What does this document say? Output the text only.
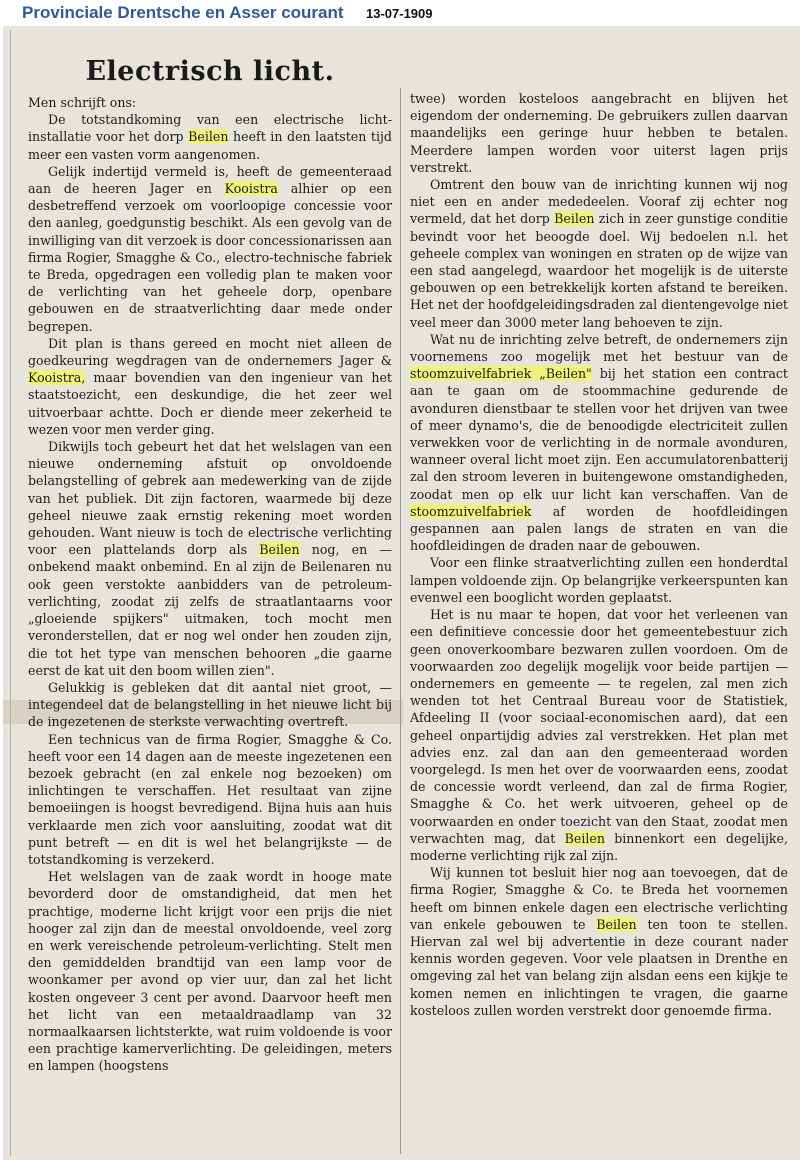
Provinciale Drentsche en Asser courant 13-07-1909
Electrisch licht.

Men schrijft ons:

De totstandkoming van een electrische licht-installatie voor het dorp Beilen heeft in den laatsten tijd meer een vasten vorm aangenomen.

Gelijk indertijd vermeld is, heeft de gemeenteraad aan de heeren Jager en Kooistra alhier op een desbetreffend verzoek om voorloopige concessie voor den aanleg, goedgunstig beschikt. Als een gevolg van de inwilliging van dit verzoek is door concessionarissen aan firma Rogier, Smagghe & Co., electro-technische fabriek te Breda, opgedragen een volledig plan te maken voor de verlichting van het geheele dorp, openbare gebouwen en de straatverlichting daar mede onder begrepen.

Dit plan is thans gereed en mocht niet alleen de goedkeuring wegdragen van de ondernemers Jager & Kooistra, maar bovendien van den ingenieur van het staatstoezicht, een deskundige, die het zeer wel uitvoerbaar achtte. Doch er diende meer zekerheid te wezen voor men verder ging.

Dikwijls toch gebeurt het dat het welslagen van een nieuwe onderneming afstuit op onvoldoende belangstelling of gebrek aan medewerking van de zijde van het publiek. Dit zijn factoren, waarmede bij deze geheel nieuwe zaak ernstig rekening moet worden gehouden. Want nieuw is toch de electrische verlichting voor een plattelands dorp als Beilen nog, en — onbekend maakt onbemind. En al zijn de Beilenaren nu ook geen verstokte aanbidders van de petroleum-verlichting, zoodat zij zelfs de straatlantaarns voor „gloeiende spijkers" uitmaken, toch mocht men veronderstellen, dat er nog wel onder hen zouden zijn, die tot het type van menschen behooren „die gaarne eerst de kat uit den boom willen zien".

Gelukkig is gebleken dat dit aantal niet groot, — integendeel dat de belangstelling in het nieuwe licht bij de ingezetenen de sterkste verwachting overtreft.

Een technicus van de firma Rogier, Smagghe & Co. heeft voor een 14 dagen aan de meeste ingezetenen een bezoek gebracht (en zal enkele nog bezoeken) om inlichtingen te verschaffen. Het resultaat van zijne bemoeiingen is hoogst bevredigend. Bijna huis aan huis verklaarde men zich voor aansluiting, zoodat wat dit punt betreft — en dit is wel het belangrijkste — de totstandkoming is verzekerd.

Het welslagen van de zaak wordt in hooge mate bevorderd door de omstandigheid, dat men het prachtige, moderne licht krijgt voor een prijs die niet hooger zal zijn dan de meestal onvoldoende, veel zorg en werk vereischende petroleum-verlichting. Stelt men den gemiddelden brandtijd van een lamp voor de woonkamer per avond op vier uur, dan zal het licht kosten ongeveer 3 cent per avond. Daarvoor heeft men het licht van een metaaldraadlamp van 32 normaalkaarsen lichtsterkte, wat ruim voldoende is voor een prachtige kamerverlichting. De geleidingen, meters en lampen (hoogstens

twee) worden kosteloos aangebracht en blijven het eigendom der onderneming. De gebruikers zullen daarvan maandelijks een geringe huur hebben te betalen. Meerdere lampen worden voor uiterst lagen prijs verstrekt.

Omtrent den bouw van de inrichting kunnen wij nog niet een en ander mededeelen. Vooraf zij echter nog vermeld, dat het dorp Beilen zich in zeer gunstige conditie bevindt voor het beoogde doel. Wij bedoelen n.l. het geheele complex van woningen en straten op de wijze van een stad aangelegd, waardoor het mogelijk is de uiterste gebouwen op een betrekkelijk korten afstand te bereiken. Het net der hoofdgeleidingsdraden zal dientengevolge niet veel meer dan 3000 meter lang behoeven te zijn.

Wat nu de inrichting zelve betreft, de ondernemers zijn voornemens zoo mogelijk met het bestuur van de stoomzuivelfabriek „Beilen" bij het station een contract aan te gaan om de stoommachine gedurende de avonduren dienstbaar te stellen voor het drijven van twee of meer dynamo's, die de benoodigde electriciteit zullen verwekken voor de verlichting in de normale avonduren, wanneer overal licht moet zijn. Een accumulatorenbatterij zal den stroom leveren in buitengewone omstandigheden, zoodat men op elk uur licht kan verschaffen. Van de stoomzuivelfabriek af worden de hoofdleidingen gespannen aan palen langs de straten en van die hoofdleidingen de draden naar de gebouwen.

Voor een flinke straatverlichting zullen een honderdtal lampen voldoende zijn. Op belangrijke verkeerspunten kan evenwel een booglicht worden geplaatst.

Het is nu maar te hopen, dat voor het verleenen van een definitieve concessie door het gemeentebestuur zich geen onoverkoombare bezwaren zullen voordoen. Om de voorwaarden zoo degelijk mogelijk voor beide partijen — ondernemers en gemeente — te regelen, zal men zich wenden tot het Centraal Bureau voor de Statistiek, Afdeeling II (voor sociaal-economischen aard), dat een geheel onpartijdig advies zal verstrekken. Het plan met advies enz. zal dan aan den gemeenteraad worden voorgelegd. Is men het over de voorwaarden eens, zoodat de concessie wordt verleend, dan zal de firma Rogier, Smagghe & Co. het werk uitvoeren, geheel op de voorwaarden en onder toezicht van den Staat, zoodat men verwachten mag, dat Beilen binnenkort een degelijke, moderne verlichting rijk zal zijn.

Wij kunnen tot besluit hier nog aan toevoegen, dat de firma Rogier, Smagghe & Co. te Breda het voornemen heeft om binnen enkele dagen een electrische verlichting van enkele gebouwen te Beilen ten toon te stellen. Hiervan zal wel bij advertentie in deze courant nader kennis worden gegeven. Voor vele plaatsen in Drenthe en omgeving zal het van belang zijn alsdan eens een kijkje te komen nemen en inlichtingen te vragen, die gaarne kosteloos zullen worden verstrekt door genoemde firma.
